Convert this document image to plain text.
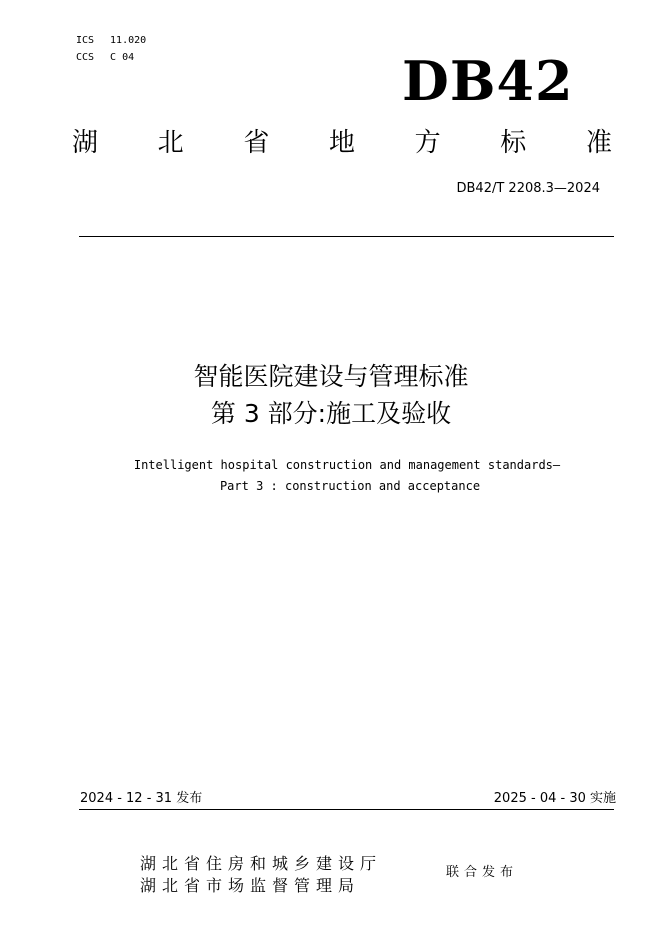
ICS 11.020
CCS C 04	DB42
湖 北 省 地 方 标 准
DB42/T 2208.3—2024
智能医院建设与管理标准
第 3 部分:施工及验收
Intelligent hospital construction and management standards—
Part 3 : construction and acceptance
2024 - 12 - 31 发布	2025 - 04 - 30 实施
湖北省住房和城乡建设厅
湖北省市场监督管理局
联合发布
